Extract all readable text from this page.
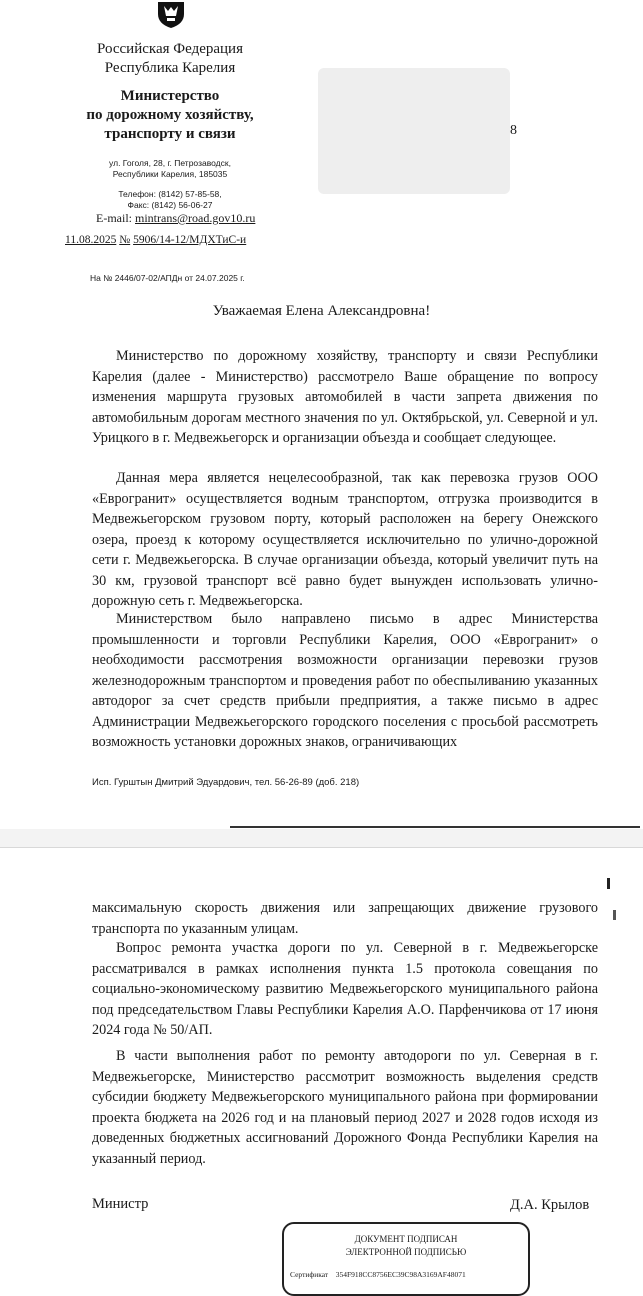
Российская Федерация
Республика Карелия
Министерство
по дорожному хозяйству,
транспорту и связи
ул. Гоголя, 28, г. Петрозаводск,
Республики Карелия, 185035
Телефон: (8142) 57-85-58,
Факс: (8142) 56-06-27
E-mail: mintrans@road.gov10.ru
8
11.08.2025 № 5906/14-12/МДХТиС-и
На № 2446/07-02/АПДн от 24.07.2025 г.
Уважаемая Елена Александровна!

Министерство по дорожному хозяйству, транспорту и связи Республики Карелия (далее - Министерство) рассмотрело Ваше обращение по вопросу изменения маршрута грузовых автомобилей в части запрета движения по автомобильным дорогам местного значения по ул. Октябрьской, ул. Северной и ул. Урицкого в г. Медвежьегорск и организации объезда и сообщает следующее.

Данная мера является нецелесообразной, так как перевозка грузов ООО «Еврогранит» осуществляется водным транспортом, отгрузка производится в Медвежьегорском грузовом порту, который расположен на берегу Онежского озера, проезд к которому осуществляется исключительно по улично-дорожной сети г. Медвежьегорска. В случае организации объезда, который увеличит путь на 30 км, грузовой транспорт всё равно будет вынужден использовать улично-дорожную сеть г. Медвежьегорска.

Министерством было направлено письмо в адрес Министерства промышленности и торговли Республики Карелия, ООО «Еврогранит» о необходимости рассмотрения возможности организации перевозки грузов железнодорожным транспортом и проведения работ по обеспыливанию указанных автодорог за счет средств прибыли предприятия, а также письмо в адрес Администрации Медвежьегорского городского поселения с просьбой рассмотреть возможность установки дорожных знаков, ограничивающих

Исп. Гурштын Дмитрий Эдуардович, тел. 56-26-89 (доб. 218)

максимальную скорость движения или запрещающих движение грузового транспорта по указанным улицам.

Вопрос ремонта участка дороги по ул. Северной в г. Медвежьегорске рассматривался в рамках исполнения пункта 1.5 протокола совещания по социально-экономическому развитию Медвежьегорского муниципального района под председательством Главы Республики Карелия А.О. Парфенчикова от 17 июня 2024 года № 50/АП.

В части выполнения работ по ремонту автодороги по ул. Северная в г. Медвежьегорске, Министерство рассмотрит возможность выделения средств субсидии бюджету Медвежьегорского муниципального района при формировании проекта бюджета на 2026 год и на плановый период 2027 и 2028 годов исходя из доведенных бюджетных ассигнований Дорожного Фонда Республики Карелия на указанный период.

Министр	Д.А. Крылов
ДОКУМЕНТ ПОДПИСАН
ЭЛЕКТРОННОЙ ПОДПИСЬЮ
Сертификат 354F918CC8756EC39C98A3169AF48071
